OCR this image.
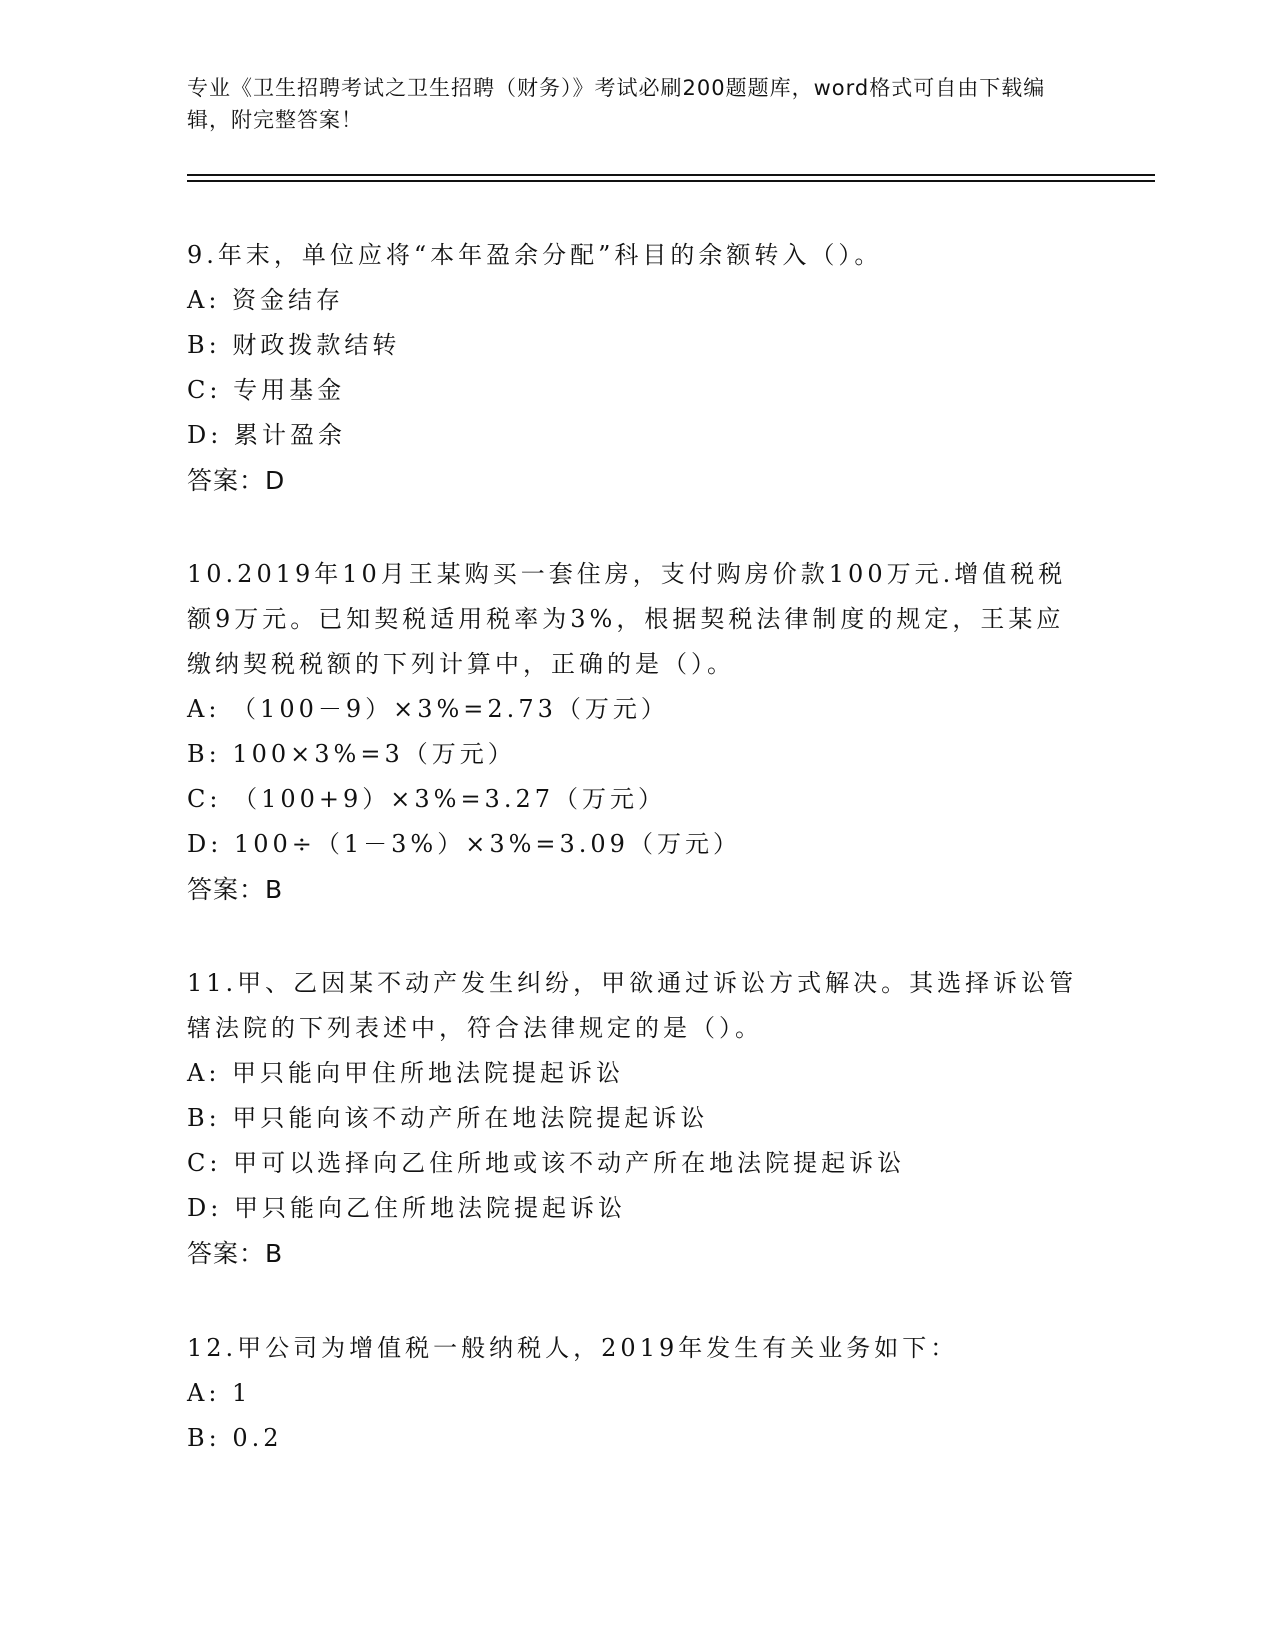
专业《卫生招聘考试之卫生招聘（财务）》考试必刷200题题库，word格式可自由下载编辑，附完整答案！
9.年末，单位应将“本年盈余分配”科目的余额转入（）。
A: 资金结存
B: 财政拨款结转
C: 专用基金
D: 累计盈余
答案：D
10.2019年10月王某购买一套住房，支付购房价款100万元.增值税税额9万元。已知契税适用税率为3%，根据契税法律制度的规定，王某应缴纳契税税额的下列计算中，正确的是（）。
A: （100－9）×3%=2.73（万元）
B: 100×3%=3（万元）
C: （100+9）×3%=3.27（万元）
D: 100÷（1－3%）×3%=3.09（万元）
答案：B
11.甲、乙因某不动产发生纠纷，甲欲通过诉讼方式解决。其选择诉讼管辖法院的下列表述中，符合法律规定的是（）。
A: 甲只能向甲住所地法院提起诉讼
B: 甲只能向该不动产所在地法院提起诉讼
C: 甲可以选择向乙住所地或该不动产所在地法院提起诉讼
D: 甲只能向乙住所地法院提起诉讼
答案：B
12.甲公司为增值税一般纳税人，2019年发生有关业务如下：
A: 1
B: 0.2
